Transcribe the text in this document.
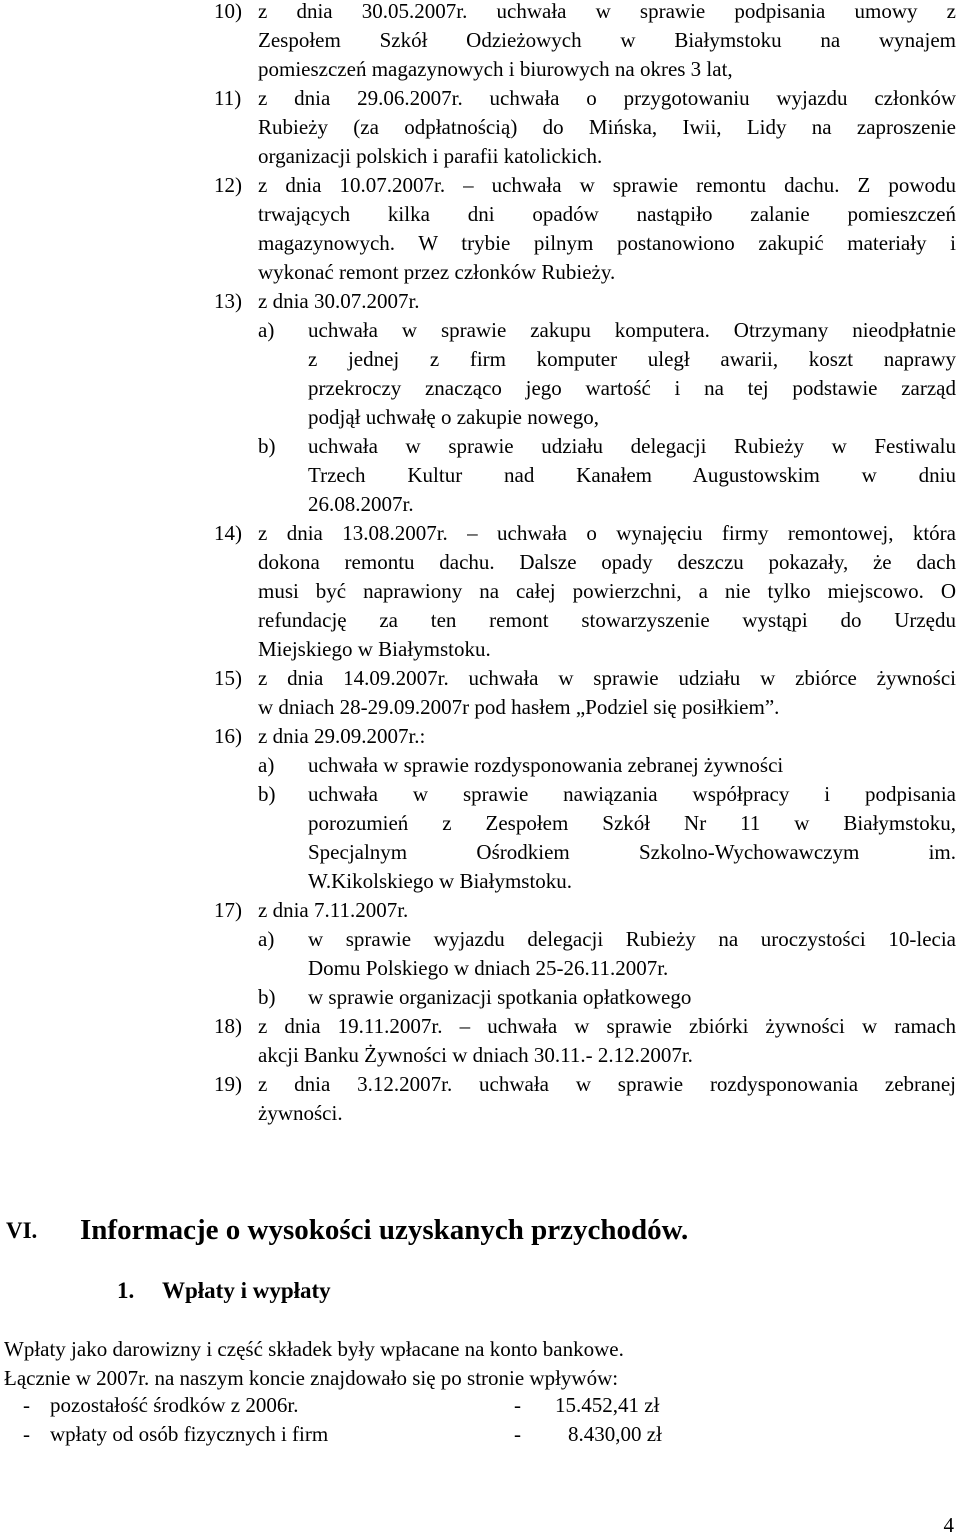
10) z dnia 30.05.2007r. uchwała w sprawie podpisania umowy z
Zespołem Szkół Odzieżowych w Białymstoku na wynajem
pomieszczeń magazynowych i biurowych na okres 3 lat,
11) z dnia 29.06.2007r. uchwała o przygotowaniu wyjazdu członków
Rubieży (za odpłatnością) do Mińska, Iwii, Lidy na zaproszenie
organizacji polskich i parafii katolickich.
12) z dnia 10.07.2007r. – uchwała w sprawie remontu dachu. Z powodu
trwających kilka dni opadów nastąpiło zalanie pomieszczeń
magazynowych. W trybie pilnym postanowiono zakupić materiały i
wykonać remont przez członków Rubieży.
13) z dnia 30.07.2007r.
a) uchwała w sprawie zakupu komputera. Otrzymany nieodpłatnie
z jednej z firm komputer uległ awarii, koszt naprawy
przekroczy znacząco jego wartość i na tej podstawie zarząd
podjął uchwałę o zakupie nowego,
b) uchwała w sprawie udziału delegacji Rubieży w Festiwalu
Trzech Kultur nad Kanałem Augustowskim w dniu
26.08.2007r.
14) z dnia 13.08.2007r. – uchwała o wynajęciu firmy remontowej, która
dokona remontu dachu. Dalsze opady deszczu pokazały, że dach
musi być naprawiony na całej powierzchni, a nie tylko miejscowo. O
refundację za ten remont stowarzyszenie wystąpi do Urzędu
Miejskiego w Białymstoku.
15) z dnia 14.09.2007r. uchwała w sprawie udziału w zbiórce żywności
w dniach 28-29.09.2007r pod hasłem „Podziel się posiłkiem”.
16) z dnia 29.09.2007r.:
a) uchwała w sprawie rozdysponowania zebranej żywności
b) uchwała w sprawie nawiązania współpracy i podpisania
porozumień z Zespołem Szkół Nr 11 w Białymstoku,
Specjalnym Ośrodkiem Szkolno-Wychowawczym im.
W.Kikolskiego w Białymstoku.
17) z dnia 7.11.2007r.
a) w sprawie wyjazdu delegacji Rubieży na uroczystości 10-lecia
Domu Polskiego w dniach 25-26.11.2007r.
b) w sprawie organizacji spotkania opłatkowego
18) z dnia 19.11.2007r. – uchwała w sprawie zbiórki żywności w ramach
akcji Banku Żywności w dniach 30.11.- 2.12.2007r.
19) z dnia 3.12.2007r. uchwała w sprawie rozdysponowania zebranej
żywności.
VI. Informacje o wysokości uzyskanych przychodów.
1. Wpłaty i wypłaty
Wpłaty jako darowizny i część składek były wpłacane na konto bankowe.
Łącznie w 2007r. na naszym koncie znajdowało się po stronie wpływów:
- pozostałość środków z 2006r.	- 15.452,41 zł
- wpłaty od osób fizycznych i firm	- 8.430,00 zł
4
